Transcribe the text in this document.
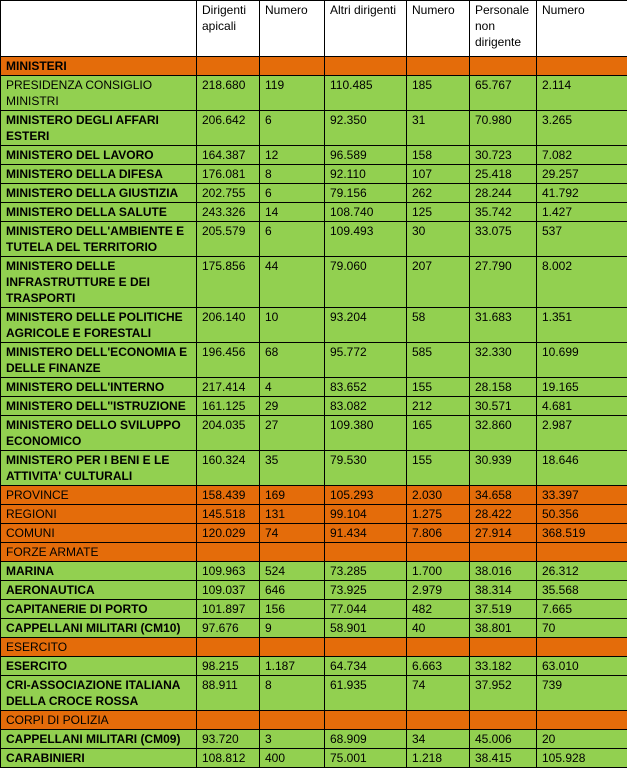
	Dirigenti apicali	Numero	Altri dirigenti	Numero	Personale non dirigente	Numero
MINISTERI						
PRESIDENZA CONSIGLIO MINISTRI	218.680	119	110.485	185	65.767	2.114
MINISTERO DEGLI AFFARI ESTERI	206.642	6	92.350	31	70.980	3.265
MINISTERO DEL LAVORO	164.387	12	96.589	158	30.723	7.082
MINISTERO DELLA DIFESA	176.081	8	92.110	107	25.418	29.257
MINISTERO DELLA GIUSTIZIA	202.755	6	79.156	262	28.244	41.792
MINISTERO DELLA SALUTE	243.326	14	108.740	125	35.742	1.427
MINISTERO DELL'AMBIENTE E TUTELA DEL TERRITORIO	205.579	6	109.493	30	33.075	537
MINISTERO DELLE INFRASTRUTTURE E DEI TRASPORTI	175.856	44	79.060	207	27.790	8.002
MINISTERO DELLE POLITICHE AGRICOLE E FORESTALI	206.140	10	93.204	58	31.683	1.351
MINISTERO DELL'ECONOMIA E DELLE FINANZE	196.456	68	95.772	585	32.330	10.699
MINISTERO DELL'INTERNO	217.414	4	83.652	155	28.158	19.165
MINISTERO DELL''ISTRUZIONE	161.125	29	83.082	212	30.571	4.681
MINISTERO DELLO SVILUPPO ECONOMICO	204.035	27	109.380	165	32.860	2.987
MINISTERO PER I BENI E LE ATTIVITA' CULTURALI	160.324	35	79.530	155	30.939	18.646
PROVINCE	158.439	169	105.293	2.030	34.658	33.397
REGIONI	145.518	131	99.104	1.275	28.422	50.356
COMUNI	120.029	74	91.434	7.806	27.914	368.519
FORZE ARMATE						
MARINA	109.963	524	73.285	1.700	38.016	26.312
AERONAUTICA	109.037	646	73.925	2.979	38.314	35.568
CAPITANERIE DI PORTO	101.897	156	77.044	482	37.519	7.665
CAPPELLANI MILITARI (CM10)	97.676	9	58.901	40	38.801	70
ESERCITO						
ESERCITO	98.215	1.187	64.734	6.663	33.182	63.010
CRI-ASSOCIAZIONE ITALIANA DELLA CROCE ROSSA	88.911	8	61.935	74	37.952	739
CORPI DI POLIZIA						
CAPPELLANI MILITARI (CM09)	93.720	3	68.909	34	45.006	20
CARABINIERI	108.812	400	75.001	1.218	38.415	105.928
